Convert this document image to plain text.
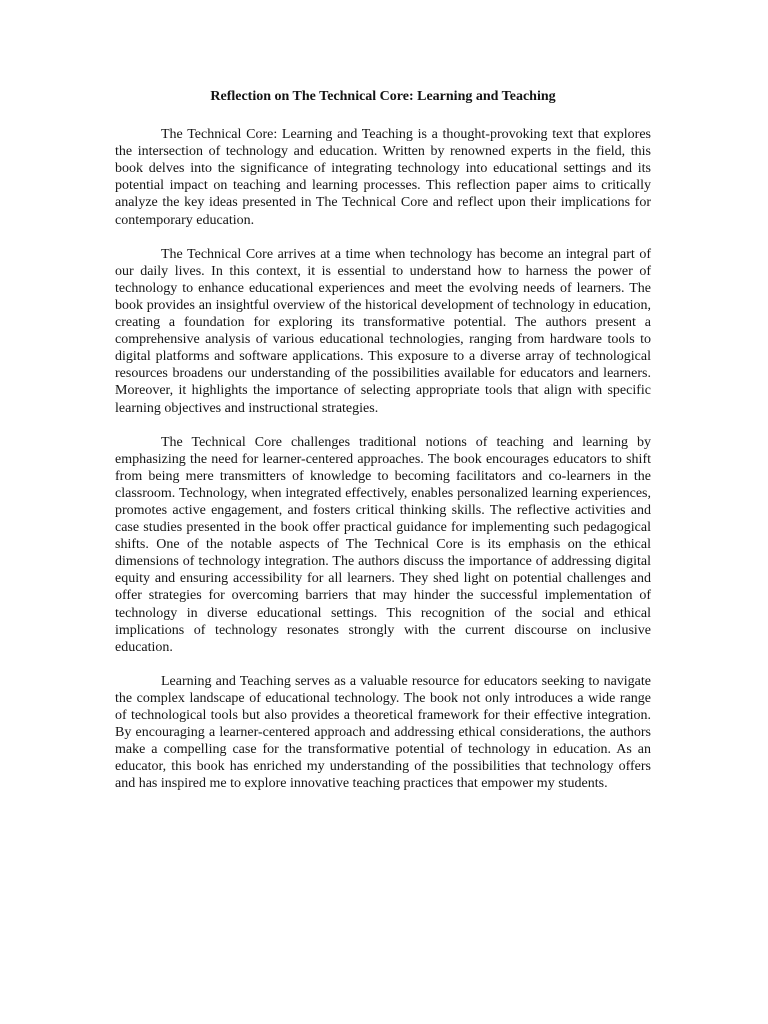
Reflection on The Technical Core: Learning and Teaching

The Technical Core: Learning and Teaching is a thought-provoking text that explores the intersection of technology and education. Written by renowned experts in the field, this book delves into the significance of integrating technology into educational settings and its potential impact on teaching and learning processes. This reflection paper aims to critically analyze the key ideas presented in The Technical Core and reflect upon their implications for contemporary education.

The Technical Core arrives at a time when technology has become an integral part of our daily lives. In this context, it is essential to understand how to harness the power of technology to enhance educational experiences and meet the evolving needs of learners. The book provides an insightful overview of the historical development of technology in education, creating a foundation for exploring its transformative potential. The authors present a comprehensive analysis of various educational technologies, ranging from hardware tools to digital platforms and software applications. This exposure to a diverse array of technological resources broadens our understanding of the possibilities available for educators and learners. Moreover, it highlights the importance of selecting appropriate tools that align with specific learning objectives and instructional strategies.

The Technical Core challenges traditional notions of teaching and learning by emphasizing the need for learner-centered approaches. The book encourages educators to shift from being mere transmitters of knowledge to becoming facilitators and co-learners in the classroom. Technology, when integrated effectively, enables personalized learning experiences, promotes active engagement, and fosters critical thinking skills. The reflective activities and case studies presented in the book offer practical guidance for implementing such pedagogical shifts. One of the notable aspects of The Technical Core is its emphasis on the ethical dimensions of technology integration. The authors discuss the importance of addressing digital equity and ensuring accessibility for all learners. They shed light on potential challenges and offer strategies for overcoming barriers that may hinder the successful implementation of technology in diverse educational settings. This recognition of the social and ethical implications of technology resonates strongly with the current discourse on inclusive education.

Learning and Teaching serves as a valuable resource for educators seeking to navigate the complex landscape of educational technology. The book not only introduces a wide range of technological tools but also provides a theoretical framework for their effective integration. By encouraging a learner-centered approach and addressing ethical considerations, the authors make a compelling case for the transformative potential of technology in education. As an educator, this book has enriched my understanding of the possibilities that technology offers and has inspired me to explore innovative teaching practices that empower my students.
